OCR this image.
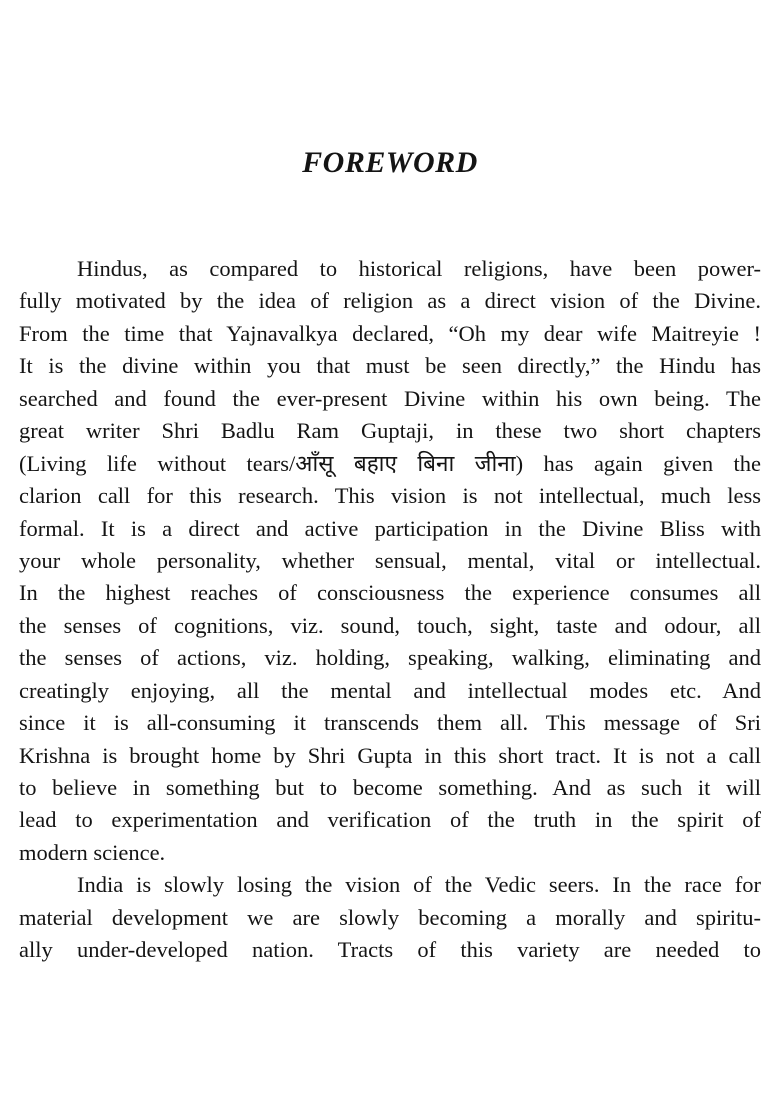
FOREWORD
Hindus, as compared to historical religions, have been power-
fully motivated by the idea of religion as a direct vision of the Divine.
From the time that Yajnavalkya declared, “Oh my dear wife Maitreyie !
It is the divine within you that must be seen directly,” the Hindu has
searched and found the ever-present Divine within his own being. The
great writer Shri Badlu Ram Guptaji, in these two short chapters
(Living life without tears/आँसू बहाए बिना जीना) has again given the
clarion call for this research. This vision is not intellectual, much less
formal. It is a direct and active participation in the Divine Bliss with
your whole personality, whether sensual, mental, vital or intellectual.
In the highest reaches of consciousness the experience consumes all
the senses of cognitions, viz. sound, touch, sight, taste and odour, all
the senses of actions, viz. holding, speaking, walking, eliminating and
creatingly enjoying, all the mental and intellectual modes etc. And
since it is all-consuming it transcends them all. This message of Sri
Krishna is brought home by Shri Gupta in this short tract. It is not a call
to believe in something but to become something. And as such it will
lead to experimentation and verification of the truth in the spirit of
modern science.
India is slowly losing the vision of the Vedic seers. In the race for
material development we are slowly becoming a morally and spiritu-
ally under-developed nation. Tracts of this variety are needed to
